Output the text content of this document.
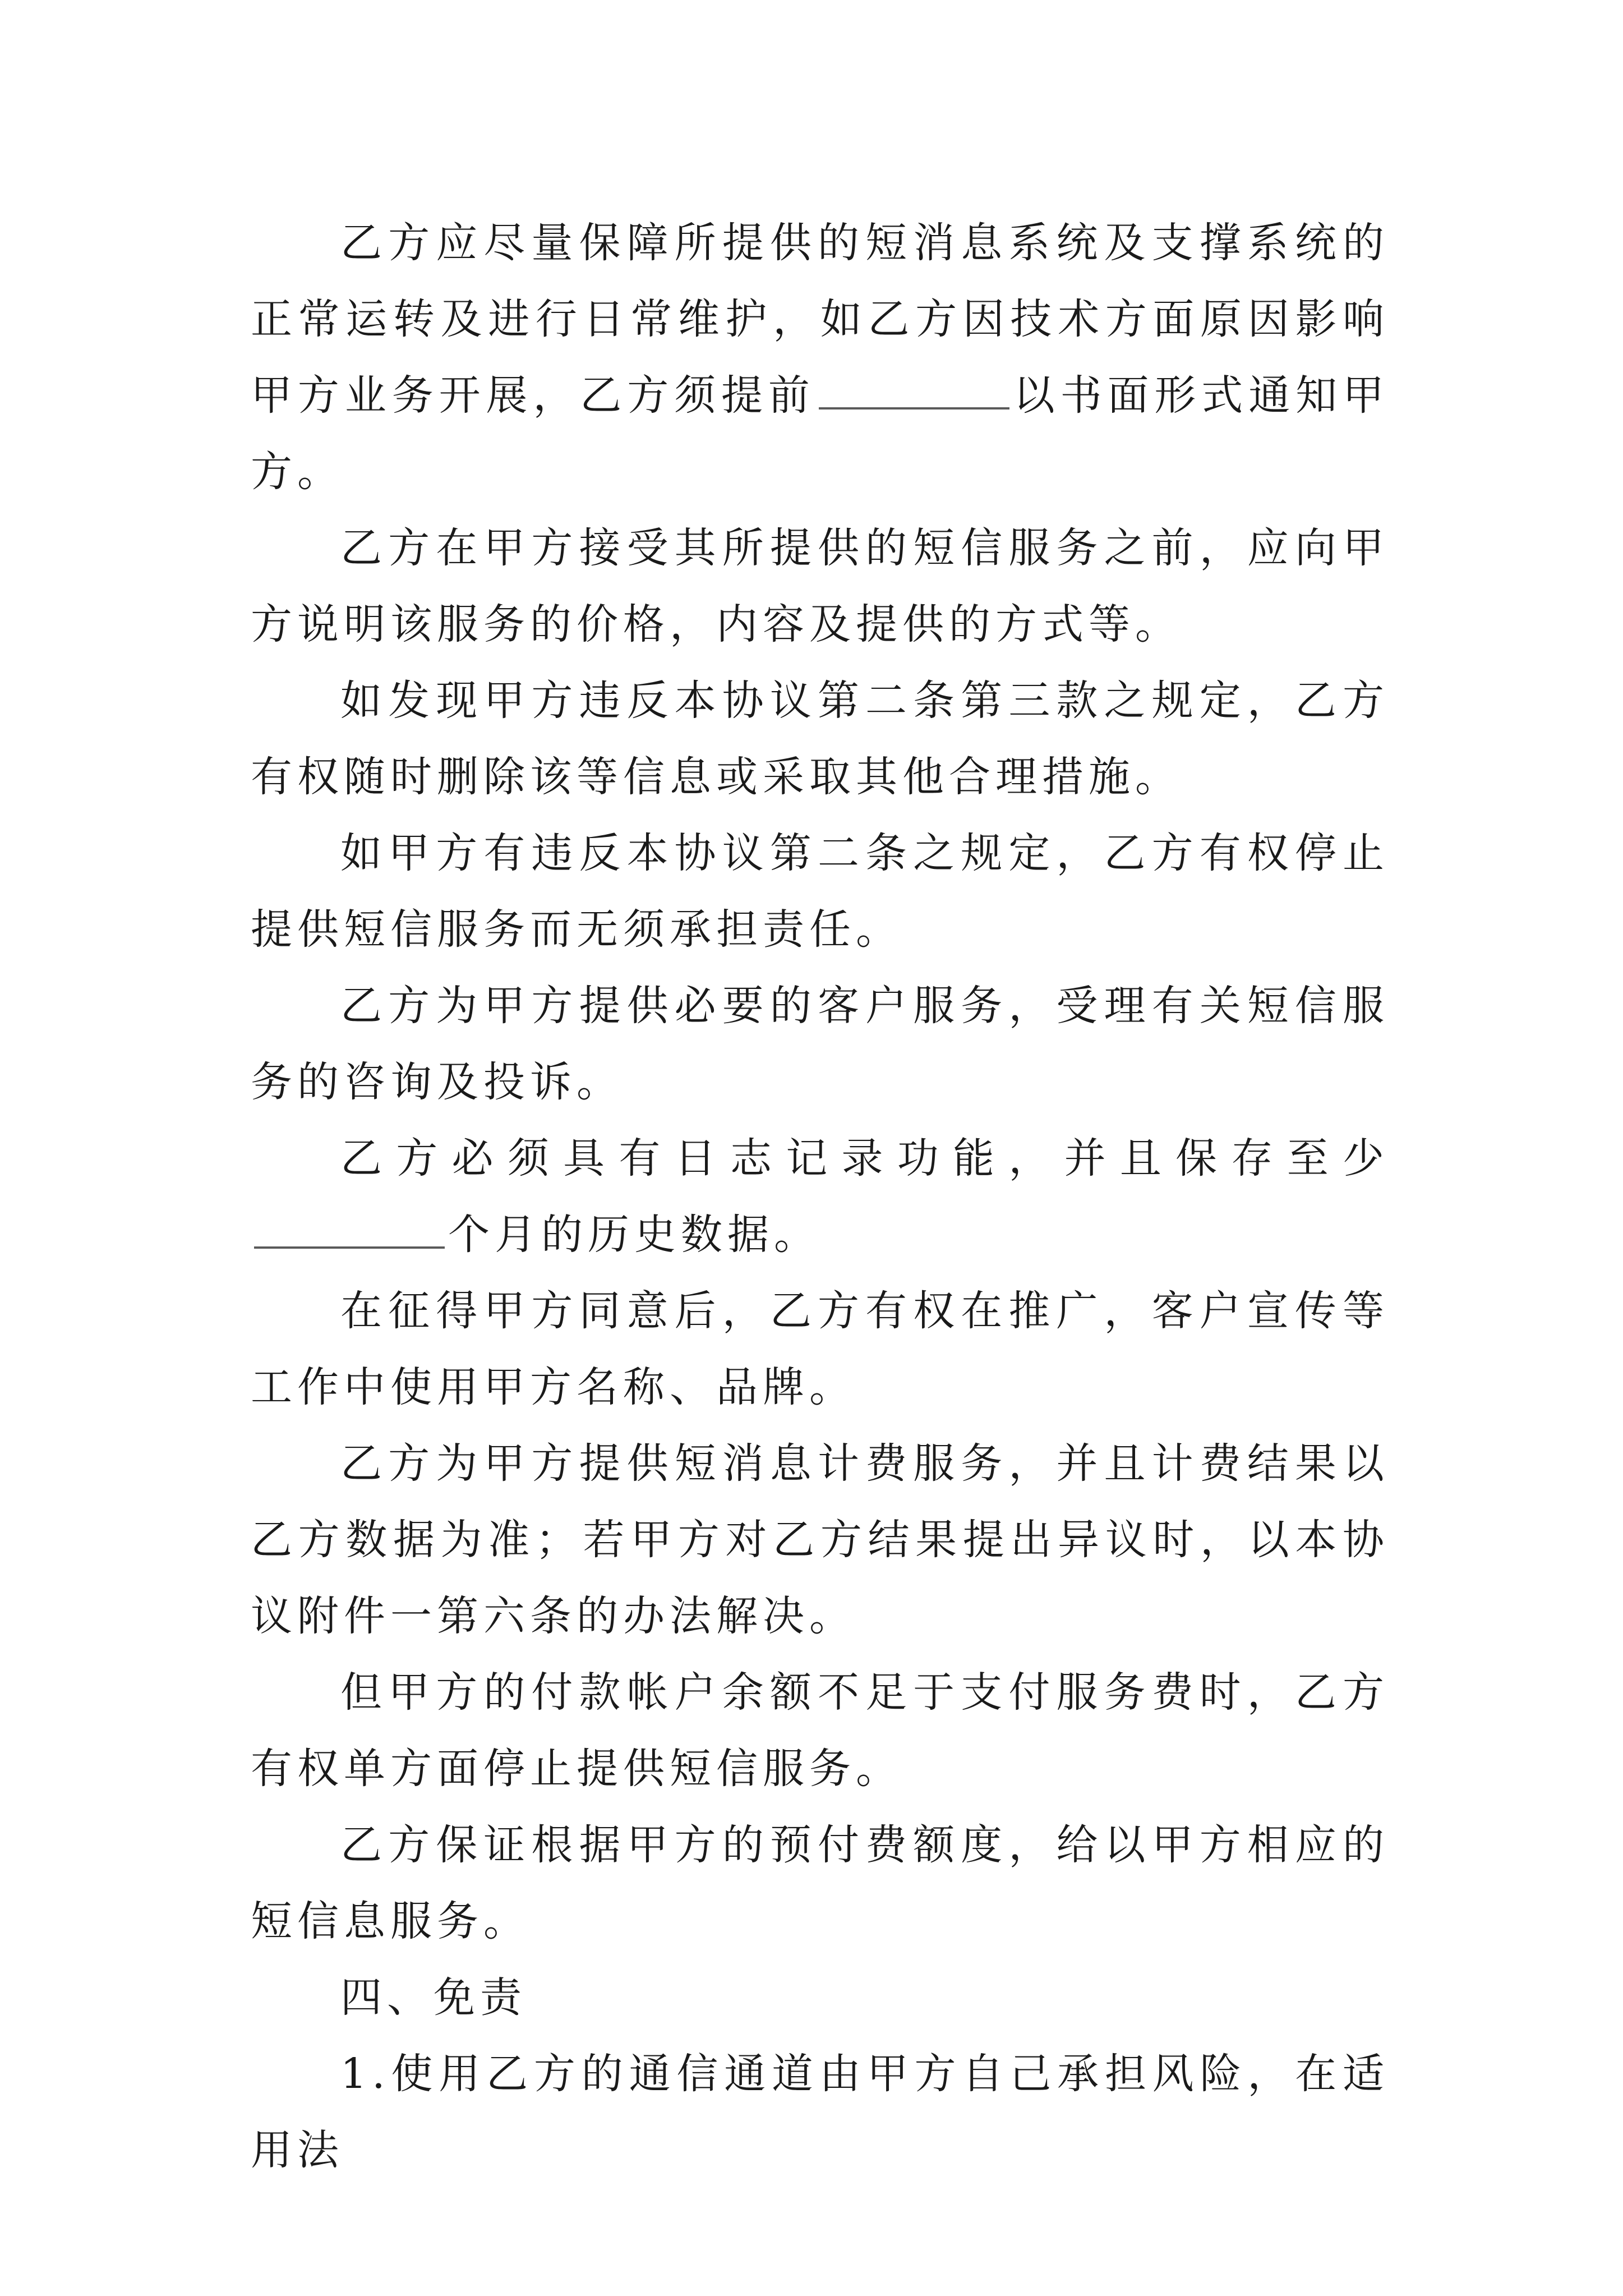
乙方应尽量保障所提供的短消息系统及支撑系统的正常运转及进行日常维护，如乙方因技术方面原因影响甲方业务开展，乙方须提前	以书面形式通知甲方。

乙方在甲方接受其所提供的短信服务之前，应向甲方说明该服务的价格，内容及提供的方式等。

如发现甲方违反本协议第二条第三款之规定，乙方有权随时删除该等信息或采取其他合理措施。

如甲方有违反本协议第二条之规定，乙方有权停止提供短信服务而无须承担责任。

乙方为甲方提供必要的客户服务，受理有关短信服务的咨询及投诉。

乙方必须具有日志记录功能，并且保存至少个月的历史数据。

在征得甲方同意后，乙方有权在推广，客户宣传等工作中使用甲方名称、品牌。

乙方为甲方提供短消息计费服务，并且计费结果以乙方数据为准；若甲方对乙方结果提出异议时，以本协议附件一第六条的办法解决。

但甲方的付款帐户余额不足于支付服务费时，乙方有权单方面停止提供短信服务。

乙方保证根据甲方的预付费额度，给以甲方相应的短信息服务。

四、免责

1.使用乙方的通信通道由甲方自己承担风险，在适用法
